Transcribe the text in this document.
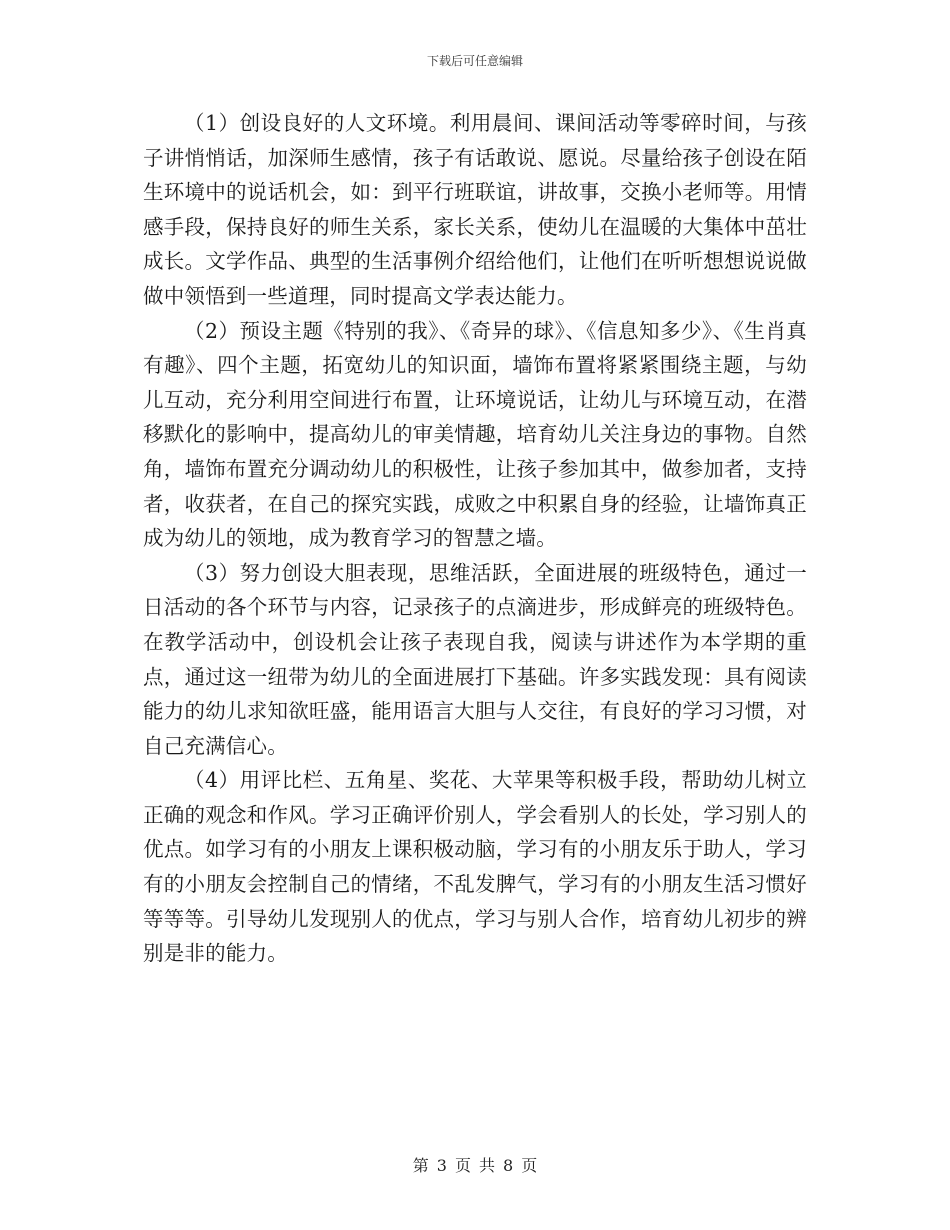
下载后可任意编辑

（1）创设良好的人文环境。利用晨间、课间活动等零碎时间，与孩子讲悄悄话，加深师生感情，孩子有话敢说、愿说。尽量给孩子创设在陌生环境中的说话机会，如：到平行班联谊，讲故事，交换小老师等。用情感手段，保持良好的师生关系，家长关系，使幼儿在温暖的大集体中茁壮成长。文学作品、典型的生活事例介绍给他们，让他们在听听想想说说做做中领悟到一些道理，同时提高文学表达能力。

（2）预设主题《特别的我》、《奇异的球》、《信息知多少》、《生肖真有趣》、四个主题，拓宽幼儿的知识面，墙饰布置将紧紧围绕主题，与幼儿互动，充分利用空间进行布置，让环境说话，让幼儿与环境互动，在潜移默化的影响中，提高幼儿的审美情趣，培育幼儿关注身边的事物。自然角，墙饰布置充分调动幼儿的积极性，让孩子参加其中，做参加者，支持者，收获者，在自己的探究实践，成败之中积累自身的经验，让墙饰真正成为幼儿的领地，成为教育学习的智慧之墙。

（3）努力创设大胆表现，思维活跃，全面进展的班级特色，通过一日活动的各个环节与内容，记录孩子的点滴进步，形成鲜亮的班级特色。在教学活动中，创设机会让孩子表现自我，阅读与讲述作为本学期的重点，通过这一纽带为幼儿的全面进展打下基础。许多实践发现：具有阅读能力的幼儿求知欲旺盛，能用语言大胆与人交往，有良好的学习习惯，对自己充满信心。

（4）用评比栏、五角星、奖花、大苹果等积极手段，帮助幼儿树立正确的观念和作风。学习正确评价别人，学会看别人的长处，学习别人的优点。如学习有的小朋友上课积极动脑，学习有的小朋友乐于助人，学习有的小朋友会控制自己的情绪，不乱发脾气，学习有的小朋友生活习惯好等等等。引导幼儿发现别人的优点，学习与别人合作，培育幼儿初步的辨别是非的能力。

第 3 页 共 8 页
